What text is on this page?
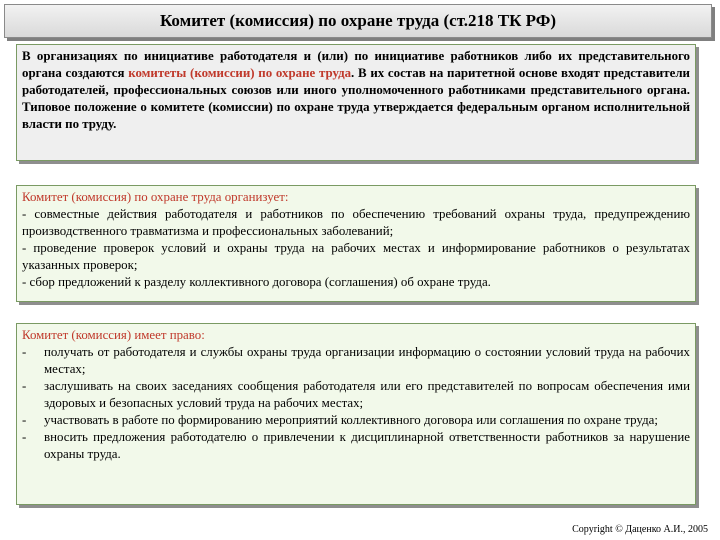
Комитет (комиссия) по охране труда (ст.218 ТК РФ)
В организациях по инициативе работодателя и (или) по инициативе работников либо их представительного органа создаются комитеты (комиссии) по охране труда. В их состав на паритетной основе входят представители работодателей, профессиональных союзов или иного уполномоченного работниками представительного органа. Типовое положение о комитете (комиссии) по охране труда утверждается федеральным органом исполнительной власти по труду.
Комитет (комиссия) по охране труда организует:
- совместные действия работодателя и работников по обеспечению требований охраны труда, предупреждению производственного травматизма и профессиональных заболеваний;
- проведение проверок условий и охраны труда на рабочих местах и информирование работников о результатах указанных проверок;
- сбор предложений к разделу коллективного договора (соглашения) об охране труда.
Комитет (комиссия) имеет право:
-	получать от работодателя и службы охраны труда организации информацию о состоянии условий труда на рабочих местах;
-	заслушивать на своих заседаниях сообщения работодателя или его представителей по вопросам обеспечения ими здоровых и безопасных условий труда на рабочих местах;
-	участвовать в работе по формированию мероприятий коллективного договора или соглашения по охране труда;
-	вносить предложения работодателю о привлечении к дисциплинарной ответственности работников за нарушение охраны труда.
Copyright © Даценко А.И., 2005
